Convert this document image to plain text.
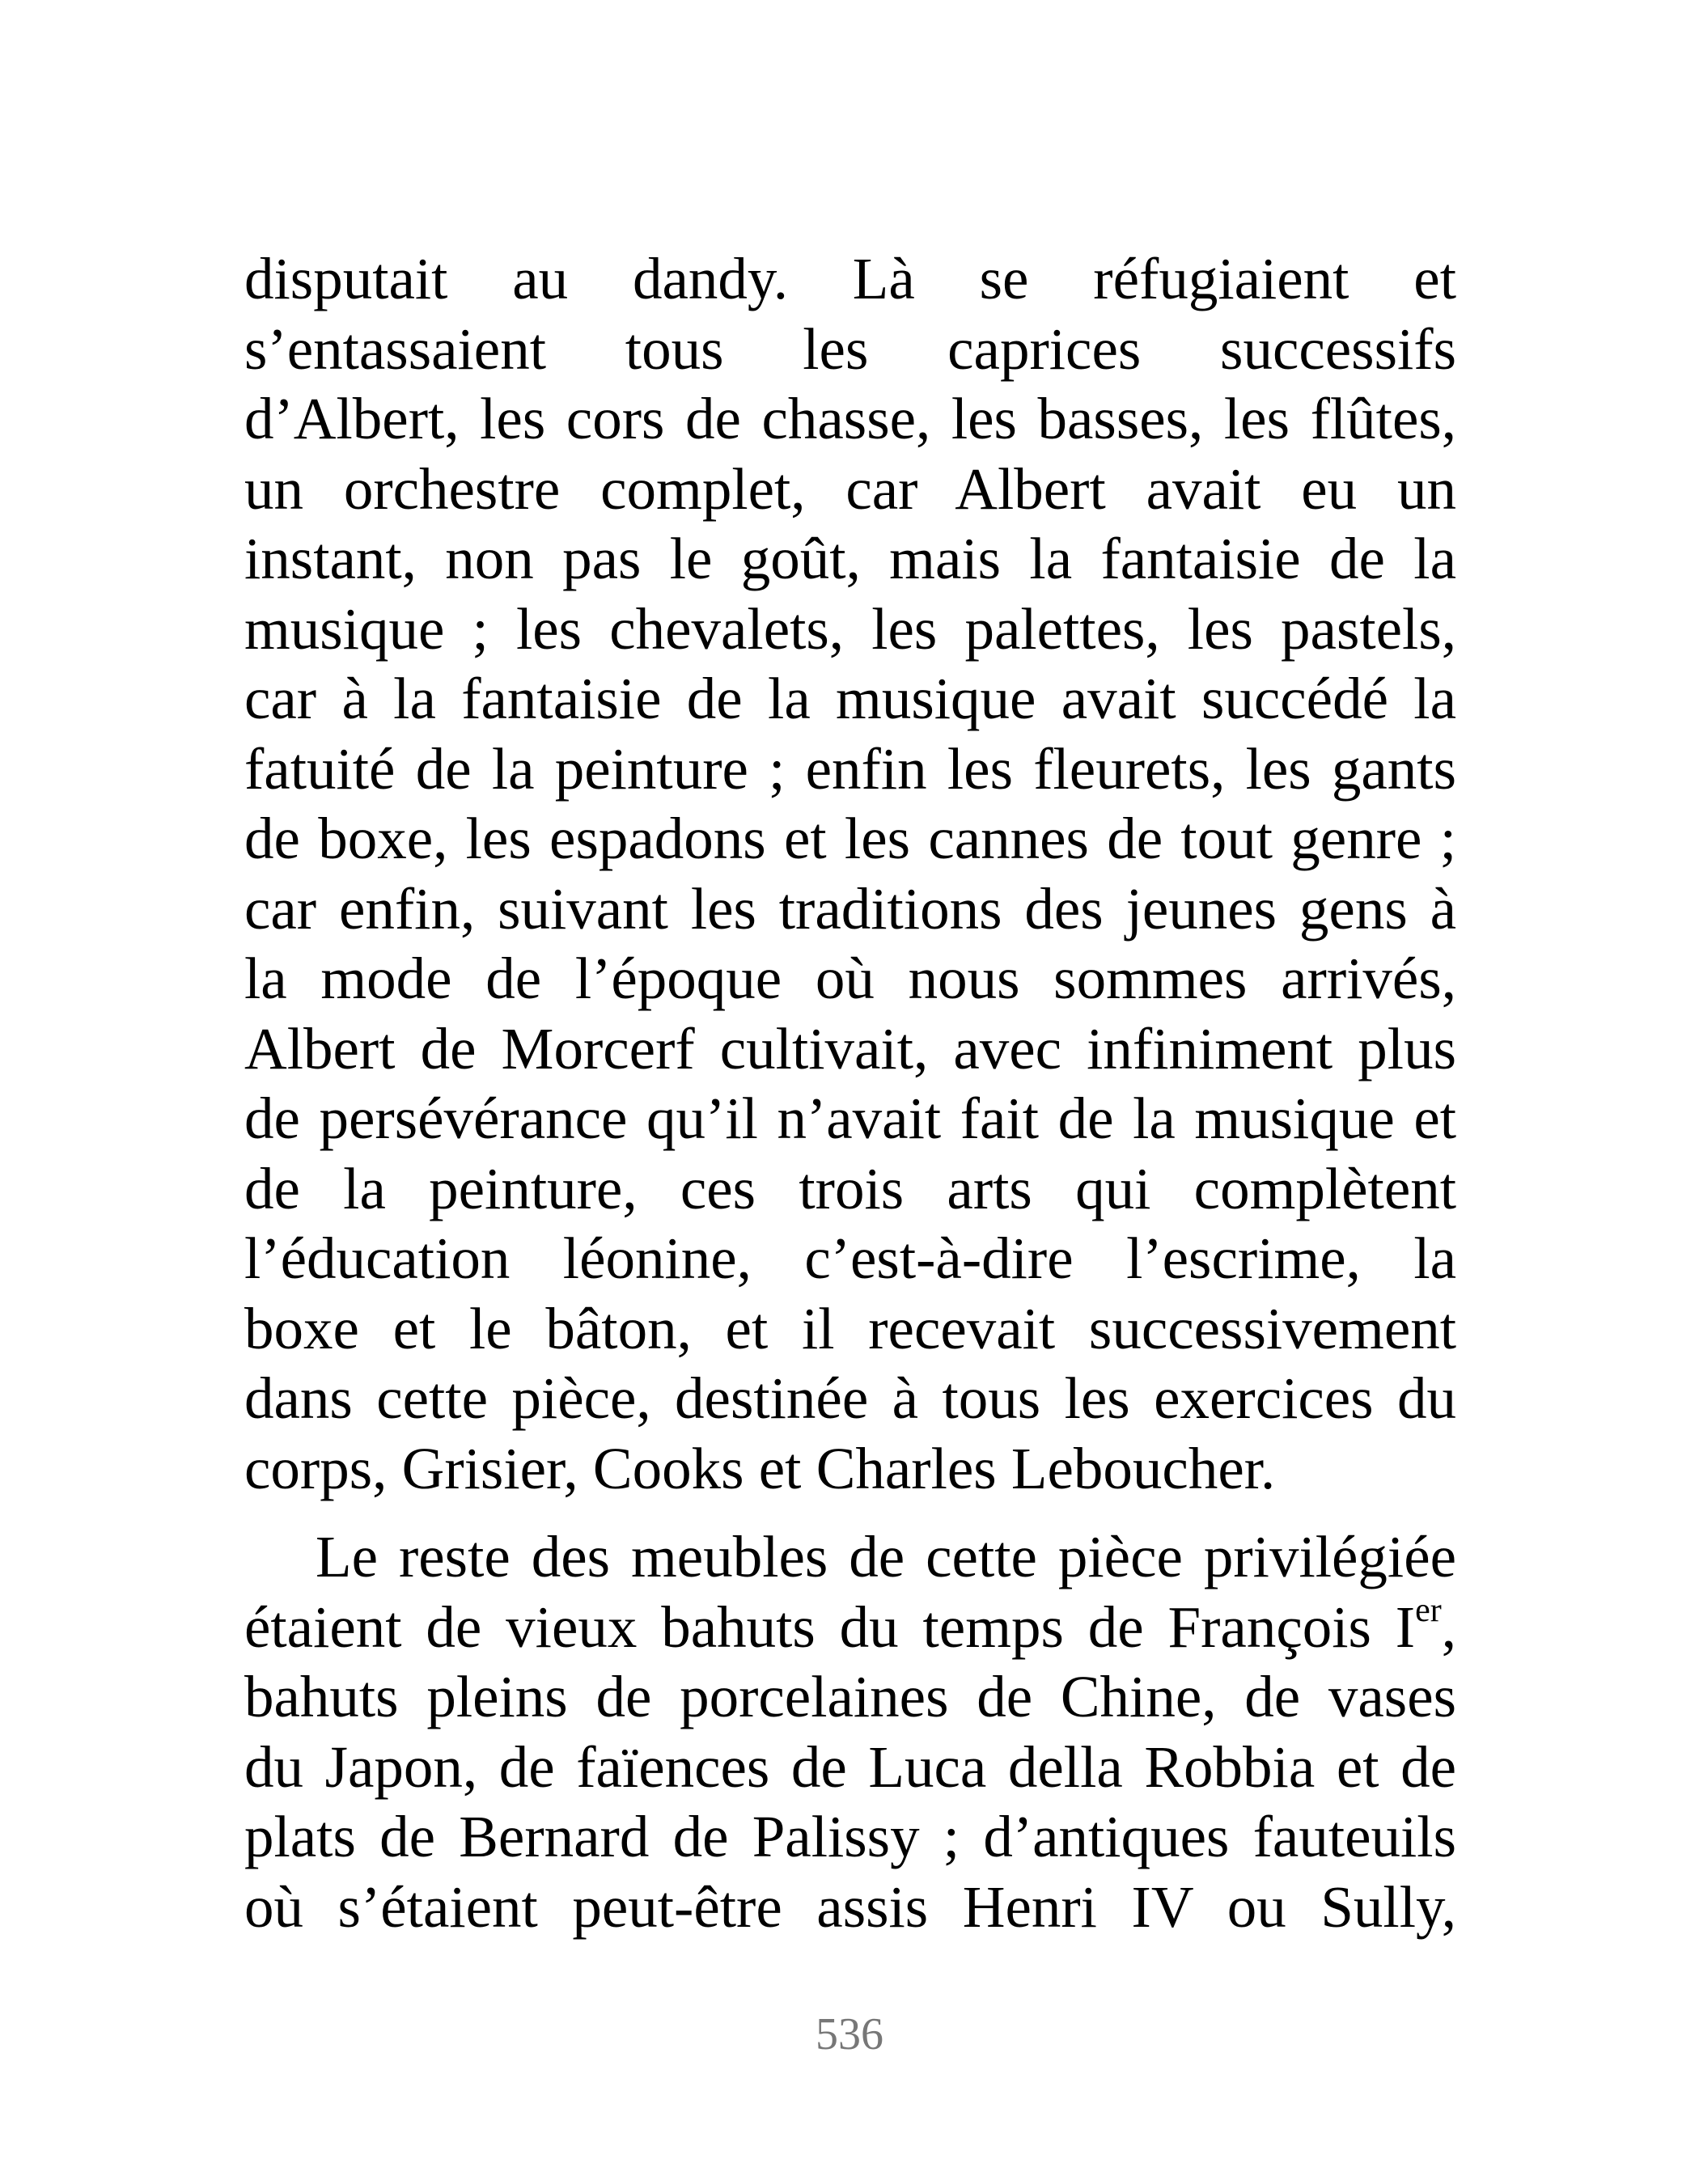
disputait au dandy. Là se réfugiaient et
s’entassaient tous les caprices successifs
d’Albert, les cors de chasse, les basses, les flûtes,
un orchestre complet, car Albert avait eu un
instant, non pas le goût, mais la fantaisie de la
musique ; les chevalets, les palettes, les pastels,
car à la fantaisie de la musique avait succédé la
fatuité de la peinture ; enfin les fleurets, les gants
de boxe, les espadons et les cannes de tout genre ;
car enfin, suivant les traditions des jeunes gens à
la mode de l’époque où nous sommes arrivés,
Albert de Morcerf cultivait, avec infiniment plus
de persévérance qu’il n’avait fait de la musique et
de la peinture, ces trois arts qui complètent
l’éducation léonine, c’est-à-dire l’escrime, la
boxe et le bâton, et il recevait successivement
dans cette pièce, destinée à tous les exercices du
corps, Grisier, Cooks et Charles Leboucher.
Le reste des meubles de cette pièce privilégiée
étaient de vieux bahuts du temps de François Ier,
bahuts pleins de porcelaines de Chine, de vases
du Japon, de faïences de Luca della Robbia et de
plats de Bernard de Palissy ; d’antiques fauteuils
où s’étaient peut-être assis Henri IV ou Sully,
536
